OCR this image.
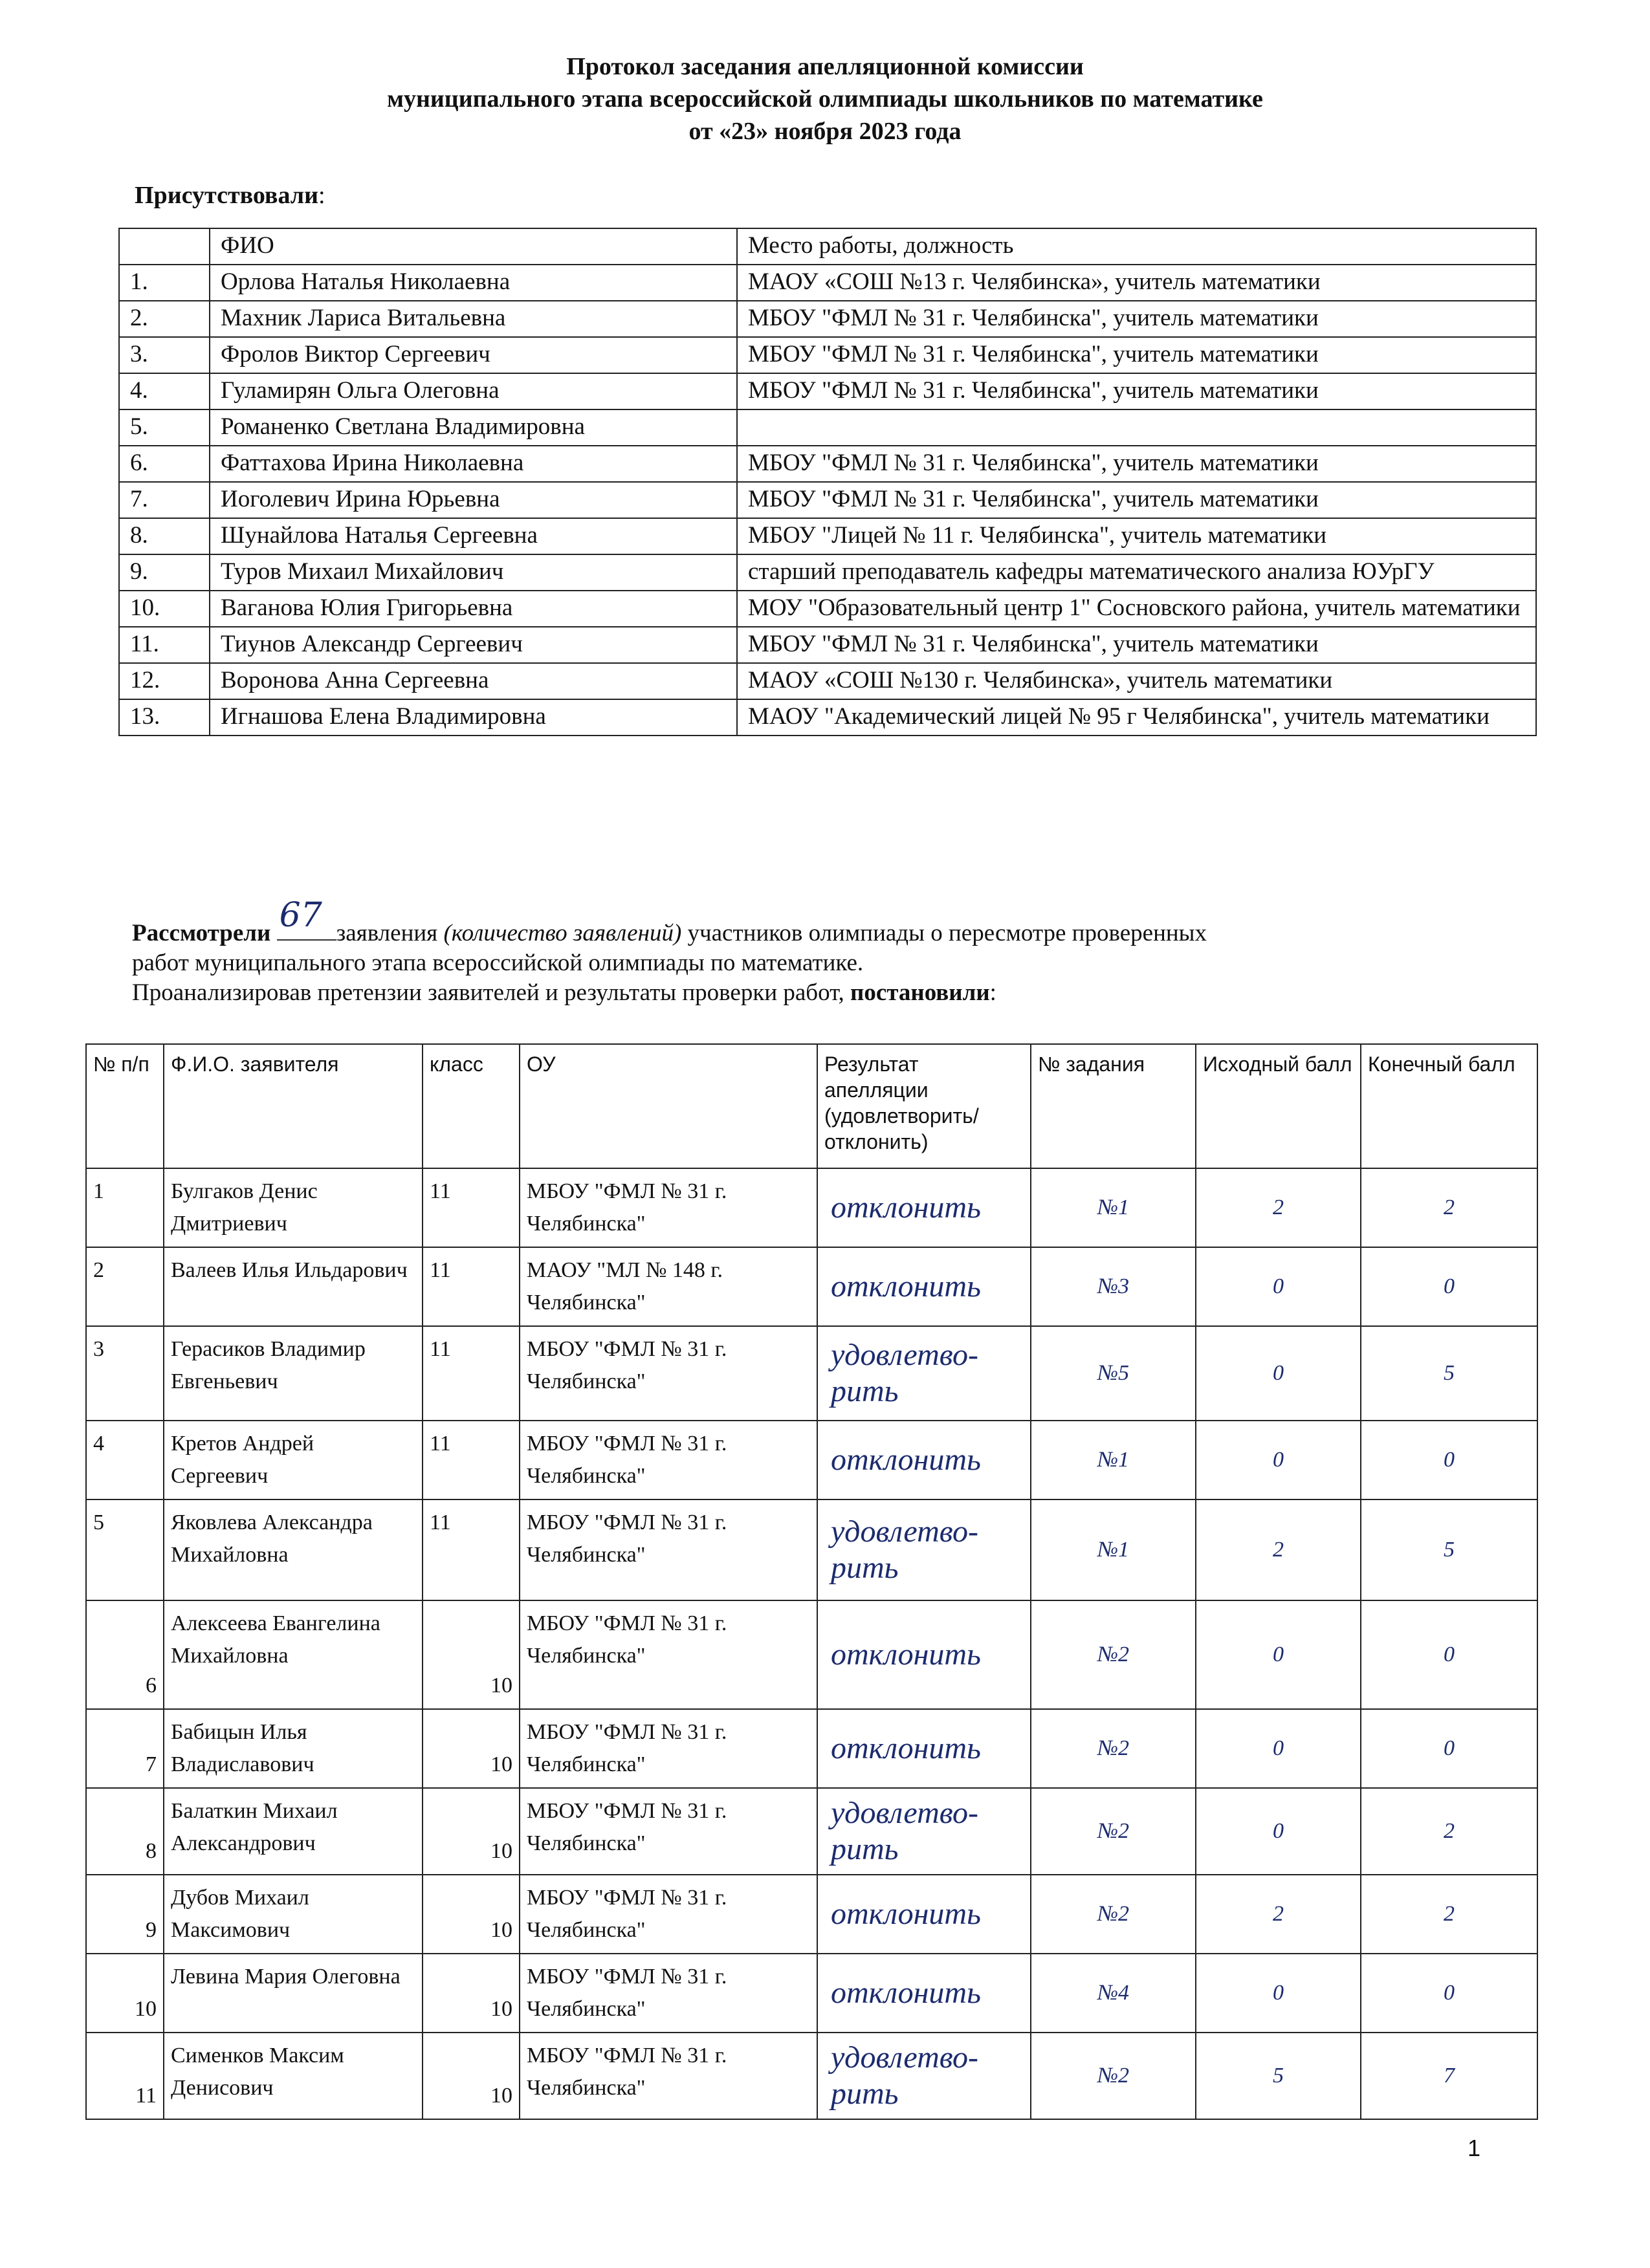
Протокол заседания апелляционной комиссии
муниципального этапа всероссийской олимпиады школьников по математике
от «23» ноября 2023 года
Присутствовали:
	ФИО	Место работы, должность
1.	Орлова Наталья Николаевна	МАОУ «СОШ №13 г. Челябинска», учитель математики
2.	Махник Лариса Витальевна	МБОУ "ФМЛ № 31 г. Челябинска", учитель математики
3.	Фролов Виктор Сергеевич	МБОУ "ФМЛ № 31 г. Челябинска", учитель математики
4.	Гуламирян Ольга Олеговна	МБОУ "ФМЛ № 31 г. Челябинска", учитель математики
5.	Романенко Светлана Владимировна	
6.	Фаттахова Ирина Николаевна	МБОУ "ФМЛ № 31 г. Челябинска", учитель математики
7.	Иоголевич Ирина Юрьевна	МБОУ "ФМЛ № 31 г. Челябинска", учитель математики
8.	Шунайлова Наталья Сергеевна	МБОУ "Лицей № 11 г. Челябинска", учитель математики
9.	Туров Михаил Михайлович	старший преподаватель кафедры математического анализа ЮУрГУ
10.	Ваганова Юлия Григорьевна	МОУ "Образовательный центр 1" Сосновского района, учитель математики
11.	Тиунов Александр Сергеевич	МБОУ "ФМЛ № 31 г. Челябинска", учитель математики
12.	Воронова Анна Сергеевна	МАОУ «СОШ №130 г. Челябинска», учитель математики
13.	Игнашова Елена Владимировна	МАОУ "Академический лицей № 95 г Челябинска", учитель математики
Рассмотрели 67 заявления (количество заявлений) участников олимпиады о пересмотре проверенных
работ муниципального этапа всероссийской олимпиады по математике.
Проанализировав претензии заявителей и результаты проверки работ, постановили:
№ п/п	Ф.И.О. заявителя	класс	ОУ	Результат апелляции (удовлетворить/ отклонить)	№ задания	Исходный балл	Конечный балл
1	Булгаков Денис Дмитриевич	11	МБОУ "ФМЛ № 31 г. Челябинска"	отклонить	№1	2	2
2	Валеев Илья Ильдарович	11	МАОУ "МЛ № 148 г. Челябинска"	отклонить	№3	0	0
3	Герасиков Владимир Евгеньевич	11	МБОУ "ФМЛ № 31 г. Челябинска"	удовлетво-рить	№5	0	5
4	Кретов Андрей Сергеевич	11	МБОУ "ФМЛ № 31 г. Челябинска"	отклонить	№1	0	0
5	Яковлева Александра Михайловна	11	МБОУ "ФМЛ № 31 г. Челябинска"	удовлетво-рить	№1	2	5
6	Алексеева Евангелина Михайловна	10	МБОУ "ФМЛ № 31 г. Челябинска"	отклонить	№2	0	0
7	Бабицын Илья Владиславович	10	МБОУ "ФМЛ № 31 г. Челябинска"	отклонить	№2	0	0
8	Балаткин Михаил Александрович	10	МБОУ "ФМЛ № 31 г. Челябинска"	удовлетво-рить	№2	0	2
9	Дубов Михаил Максимович	10	МБОУ "ФМЛ № 31 г. Челябинска"	отклонить	№2	2	2
10	Левина Мария Олеговна	10	МБОУ "ФМЛ № 31 г. Челябинска"	отклонить	№4	0	0
11	Сименков Максим Денисович	10	МБОУ "ФМЛ № 31 г. Челябинска"	удовлетво-рить	№2	5	7
1
